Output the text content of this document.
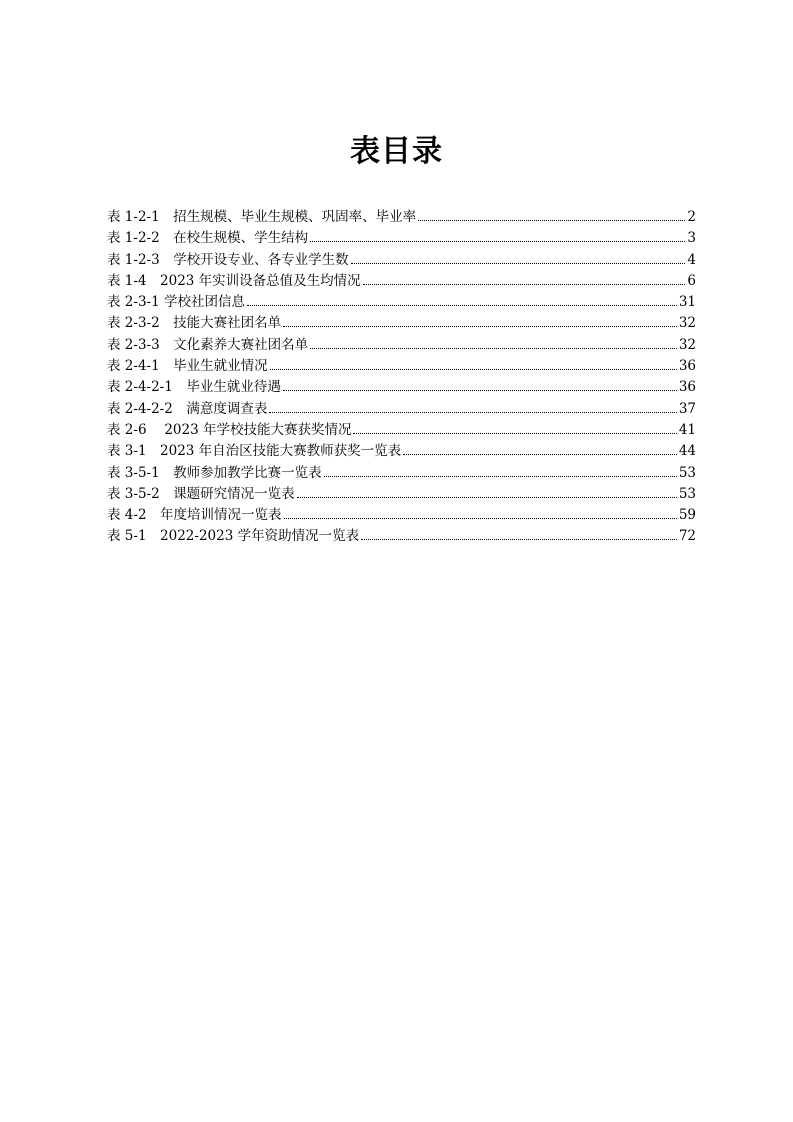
表目录
表 1-2-1　招生规模、毕业生规模、巩固率、毕业率	2
表 1-2-2　在校生规模、学生结构	3
表 1-2-3　学校开设专业、各专业学生数	4
表 1-4　2023 年实训设备总值及生均情况	6
表 2-3-1 学校社团信息	31
表 2-3-2　技能大赛社团名单	32
表 2-3-3　文化素养大赛社团名单	32
表 2-4-1　毕业生就业情况	36
表 2-4-2-1　毕业生就业待遇	36
表 2-4-2-2　满意度调查表	37
表 2-6　 2023 年学校技能大赛获奖情况	41
表 3-1　2023 年自治区技能大赛教师获奖一览表	44
表 3-5-1　教师参加教学比赛一览表	53
表 3-5-2　课题研究情况一览表	53
表 4-2　年度培训情况一览表	59
表 5-1　2022-2023 学年资助情况一览表	72
